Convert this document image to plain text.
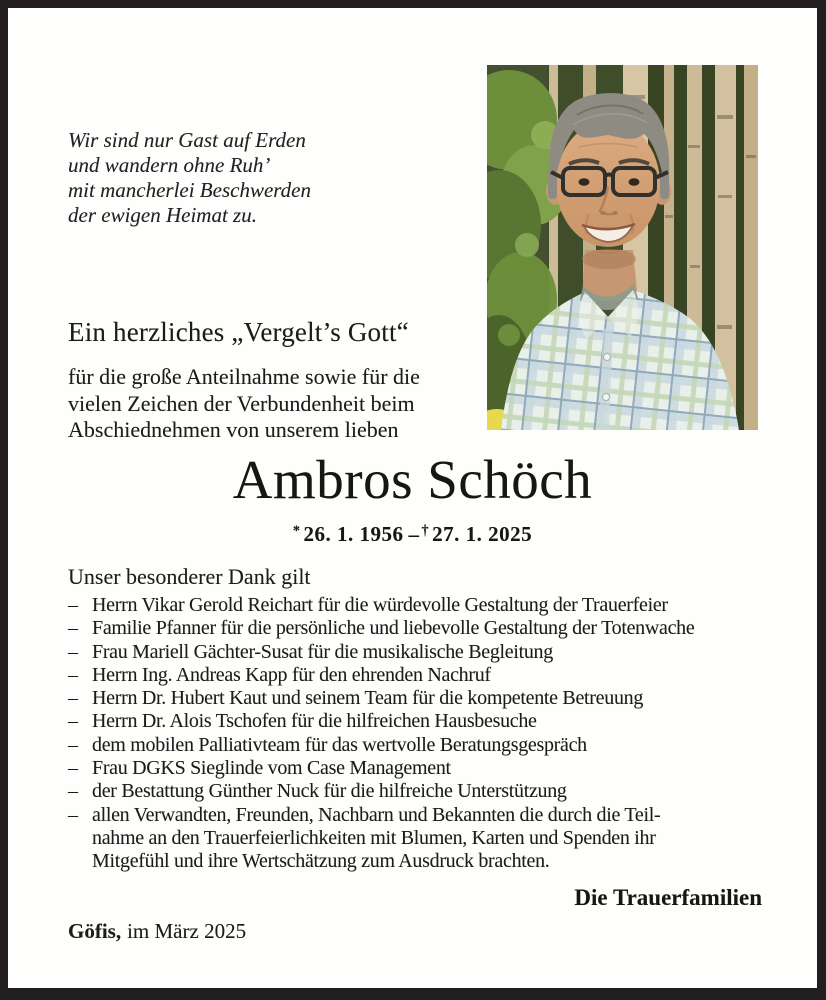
Wir sind nur Gast auf Erden
und wandern ohne Ruh’
mit mancherlei Beschwerden
der ewigen Heimat zu.
Ein herzliches „Vergelt’s Gott“
für die große Anteilnahme sowie für die
vielen Zeichen der Verbundenheit beim
Abschiednehmen von unserem lieben
Ambros Schöch
* 26. 1. 1956 – † 27. 1. 2025
Unser besonderer Dank gilt
– Herrn Vikar Gerold Reichart für die würdevolle Gestaltung der Trauerfeier
– Familie Pfanner für die persönliche und liebevolle Gestaltung der Totenwache
– Frau Mariell Gächter-Susat für die musikalische Begleitung
– Herrn Ing. Andreas Kapp für den ehrenden Nachruf
– Herrn Dr. Hubert Kaut und seinem Team für die kompetente Betreuung
– Herrn Dr. Alois Tschofen für die hilfreichen Hausbesuche
– dem mobilen Palliativteam für das wertvolle Beratungsgespräch
– Frau DGKS Sieglinde vom Case Management
– der Bestattung Günther Nuck für die hilfreiche Unterstützung
– allen Verwandten, Freunden, Nachbarn und Bekannten die durch die Teil-
nahme an den Trauerfeierlichkeiten mit Blumen, Karten und Spenden ihr
Mitgefühl und ihre Wertschätzung zum Ausdruck brachten.
Die Trauerfamilien
Göfis, im März 2025
